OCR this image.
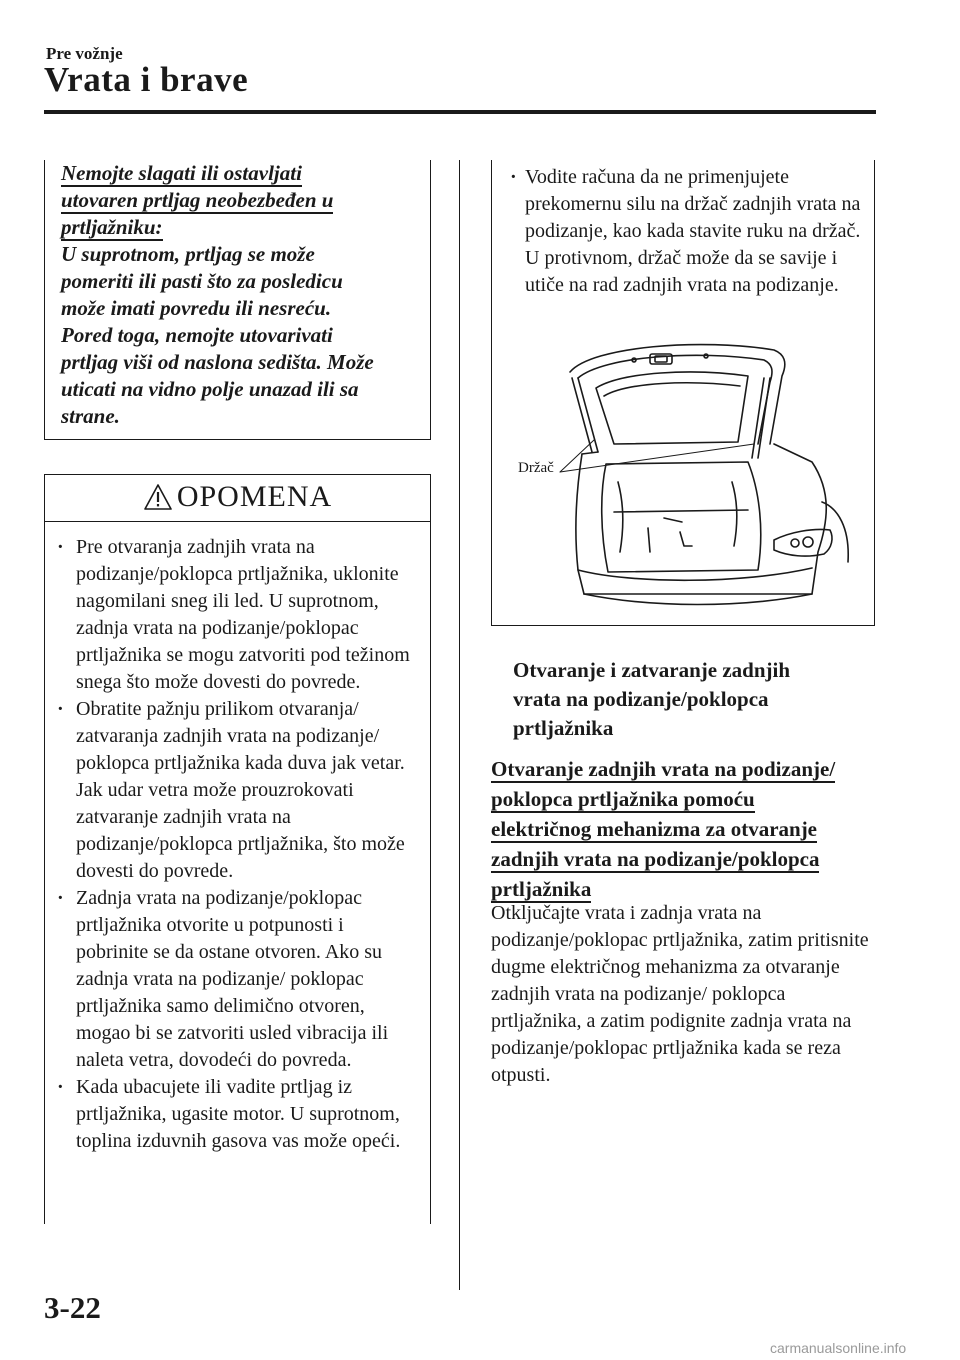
Pre vožnje
Vrata i brave
Nemojte slagati ili ostavljati
utovaren prtljag neobezbeđen u
prtljažniku:
U suprotnom, prtljag se može
pomeriti ili pasti što za posledicu
može imati povredu ili nesreću.
Pored toga, nemojte utovarivati
prtljag viši od naslona sedišta. Može
uticati na vidno polje unazad ili sa
strane.
OPOMENA
· Pre otvaranja zadnjih vrata na podizanje/poklopca prtljažnika, uklonite nagomilani sneg ili led. U suprotnom, zadnja vrata na podizanje/poklopac prtljažnika se mogu zatvoriti pod težinom snega što može dovesti do povrede.
· Obratite pažnju prilikom otvaranja/ zatvaranja zadnjih vrata na podizanje/ poklopca prtljažnika kada duva jak vetar. Jak udar vetra može prouzrokovati zatvaranje zadnjih vrata na podizanje/poklopca prtljažnika, što može dovesti do povrede.
· Zadnja vrata na podizanje/poklopac prtljažnika otvorite u potpunosti i pobrinite se da ostane otvoren. Ako su zadnja vrata na podizanje/ poklopac prtljažnika samo delimično otvoren, mogao bi se zatvoriti usled vibracija ili naleta vetra, dovodeći do povreda.
· Kada ubacujete ili vadite prtljag iz prtljažnika, ugasite motor. U suprotnom, toplina izduvnih gasova vas može opeći.
· Vodite računa da ne primenjujete prekomernu silu na držač zadnjih vrata na podizanje, kao kada stavite ruku na držač. U protivnom, držač može da se savije i utiče na rad zadnjih vrata na podizanje.
Držač
Otvaranje i zatvaranje zadnjih
vrata na podizanje/poklopca
prtljažnika
Otvaranje zadnjih vrata na podizanje/
poklopca prtljažnika pomoću
električnog mehanizma za otvaranje
zadnjih vrata na podizanje/poklopca
prtljažnika
Otključajte vrata i zadnja vrata na podizanje/poklopac prtljažnika, zatim pritisnite dugme električnog mehanizma za otvaranje zadnjih vrata na podizanje/ poklopca prtljažnika, a zatim podignite zadnja vrata na podizanje/poklopac prtljažnika kada se reza otpusti.
3-22
carmanualsonline.info
